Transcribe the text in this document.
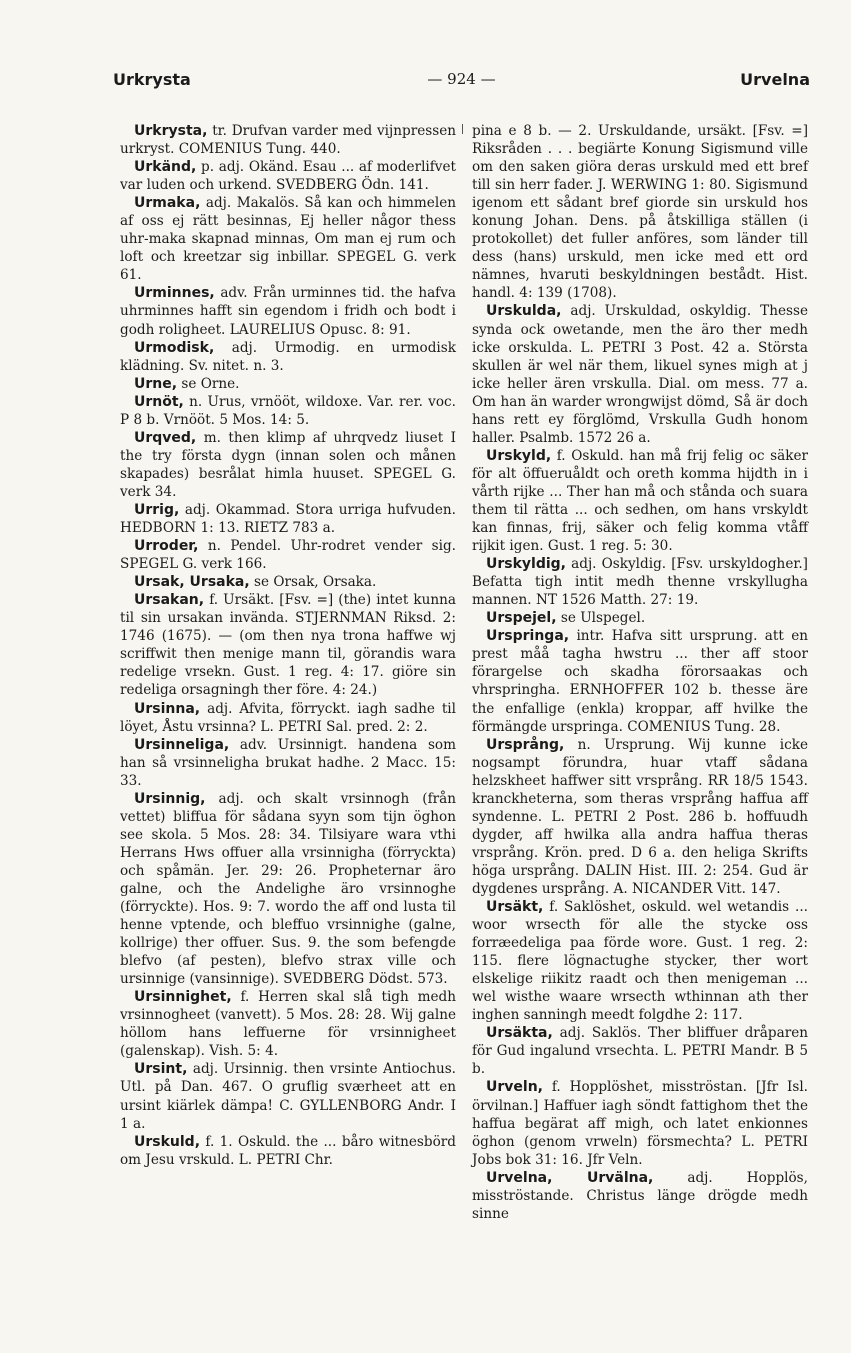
Urkrysta	— 924 —	Urvelna

Urkrysta, tr. Drufvan varder med vijnpressen urkryst. COMENIUS Tung. 440.

Urkänd, p. adj. Okänd. Esau ... af moderlifvet var luden och urkend. SVEDBERG Ödn. 141.

Urmaka, adj. Makalös. Så kan och himmelen af oss ej rätt besinnas, Ej heller någor thess uhr-maka skapnad minnas, Om man ej rum och loft och kreetzar sig inbillar. SPEGEL G. verk 61.

Urminnes, adv. Från urminnes tid. the hafva uhrminnes hafft sin egendom i fridh och bodt i godh roligheet. LAURELIUS Opusc. 8: 91.

Urmodisk, adj. Urmodig. en urmodisk klädning. Sv. nitet. n. 3.

Urne, se Orne.

Urnöt, n. Urus, vrnööt, wildoxe. Var. rer. voc. P 8 b. Vrnööt. 5 Mos. 14: 5.

Urqved, m. then klimp af uhrqvedz liuset I the try första dygn (innan solen och månen skapades) besrålat himla huuset. SPEGEL G. verk 34.

Urrig, adj. Okammad. Stora urriga hufvuden. HEDBORN 1: 13. RIETZ 783 a.

Urroder, n. Pendel. Uhr-rodret vender sig. SPEGEL G. verk 166.

Ursak, Ursaka, se Orsak, Orsaka.

Ursakan, f. Ursäkt. [Fsv. =] (the) intet kunna til sin ursakan invända. STJERNMAN Riksd. 2: 1746 (1675). — (om then nya trona haffwe wj scriffwit then menige mann til, görandis wara redelige vrsekn. Gust. 1 reg. 4: 17. giöre sin redeliga orsagningh ther före. 4: 24.)

Ursinna, adj. Afvita, förryckt. iagh sadhe til löyet, Åstu vrsinna? L. PETRI Sal. pred. 2: 2.

Ursinneliga, adv. Ursinnigt. handena som han så vrsinneligha brukat hadhe. 2 Macc. 15: 33.

Ursinnig, adj. och skalt vrsinnogh (från vettet) bliffua för sådana syyn som tijn öghon see skola. 5 Mos. 28: 34. Tilsiyare wara vthi Herrans Hws offuer alla vrsinnigha (förryckta) och spåmän. Jer. 29: 26. Propheternar äro galne, och the Andelighe äro vrsinnoghe (förryckte). Hos. 9: 7. wordo the aff ond lusta til henne vptende, och bleffuo vrsinnighe (galne, kollrige) ther offuer. Sus. 9. the som befengde blefvo (af pesten), blefvo strax ville och ursinnige (vansinnige). SVEDBERG Dödst. 573.

Ursinnighet, f. Herren skal slå tigh medh vrsinnogheet (vanvett). 5 Mos. 28: 28. Wij galne höllom hans leffuerne för vrsinnigheet (galenskap). Vish. 5: 4.

Ursint, adj. Ursinnig. then vrsinte Antiochus. Utl. på Dan. 467. O gruflig sværheet att en ursint kiärlek dämpa! C. GYLLENBORG Andr. I 1 a.

Urskuld, f. 1. Oskuld. the ... båro witnesbörd om Jesu vrskuld. L. PETRI Chr.

pina e 8 b. — 2. Urskuldande, ursäkt. [Fsv. =] Riksråden . . . begiärte Konung Sigismund ville om den saken giöra deras urskuld med ett bref till sin herr fader. J. WERWING 1: 80. Sigismund igenom ett sådant bref giorde sin urskuld hos konung Johan. Dens. på åtskilliga ställen (i protokollet) det fuller anföres, som länder till dess (hans) urskuld, men icke med ett ord nämnes, hvaruti beskyldningen bestådt. Hist. handl. 4: 139 (1708).

Urskulda, adj. Urskuldad, oskyldig. Thesse synda ock owetande, men the äro ther medh icke orskulda. L. PETRI 3 Post. 42 a. Största skullen är wel när them, likuel synes migh at j icke heller ären vrskulla. Dial. om mess. 77 a. Om han än warder wrongwijst dömd, Så är doch hans rett ey förglömd, Vrskulla Gudh honom haller. Psalmb. 1572 26 a.

Urskyld, f. Oskuld. han må frij felig oc säker för alt öffueruåldt och oreth komma hijdth in i vårth rijke ... Ther han må och stånda och suara them til rätta ... och sedhen, om hans vrskyldt kan finnas, frij, säker och felig komma vtåff rijkit igen. Gust. 1 reg. 5: 30.

Urskyldig, adj. Oskyldig. [Fsv. urskyldogher.] Befatta tigh intit medh thenne vrskyllugha mannen. NT 1526 Matth. 27: 19.

Urspejel, se Ulspegel.

Urspringa, intr. Hafva sitt ursprung. att en prest måå tagha hwstru ... ther aff stoor förargelse och skadha förorsaakas och vhrspringha. ERNHOFFER 102 b. thesse äre the enfallige (enkla) kroppar, aff hvilke the förmängde urspringa. COMENIUS Tung. 28.

Ursprång, n. Ursprung. Wij kunne icke nogsampt förundra, huar vtaff sådana helzskheet haffwer sitt vrsprång. RR 18/5 1543. kranckheterna, som theras vrsprång haffua aff syndenne. L. PETRI 2 Post. 286 b. hoffuudh dygder, aff hwilka alla andra haffua theras vrsprång. Krön. pred. D 6 a. den heliga Skrifts höga ursprång. DALIN Hist. III. 2: 254. Gud är dygdenes ursprång. A. NICANDER Vitt. 147.

Ursäkt, f. Saklöshet, oskuld. wel wetandis ... woor wrsecth för alle the stycke oss forræedeliga paa förde wore. Gust. 1 reg. 2: 115. flere lögnactughe stycker, ther wort elskelige riikitz raadt och then menigeman ... wel wisthe waare wrsecth wthinnan ath ther inghen sanningh meedt folgdhe 2: 117.

Ursäkta, adj. Saklös. Ther bliffuer dråparen för Gud ingalund vrsechta. L. PETRI Mandr. B 5 b.

Urveln, f. Hopplöshet, misströstan. [Jfr Isl. örvilnan.] Haffuer iagh söndt fattighom thet the haffua begärat aff migh, och latet enkionnes öghon (genom vrweln) försmechta? L. PETRI Jobs bok 31: 16. Jfr Veln.

Urvelna, Urvälna, adj. Hopplös, misströstande. Christus länge drögde medh sinne
